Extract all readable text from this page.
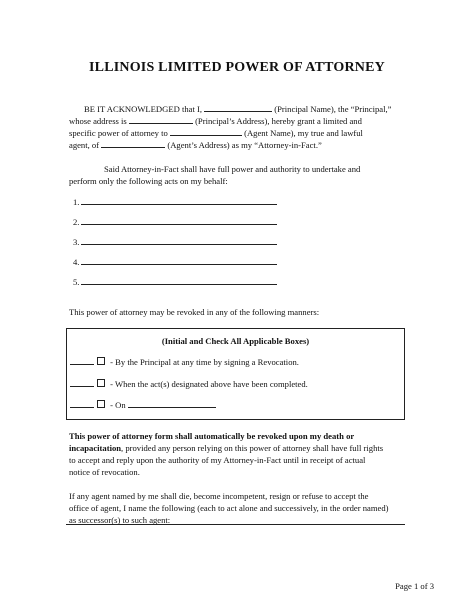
ILLINOIS LIMITED POWER OF ATTORNEY
BE IT ACKNOWLEDGED that I,	(Principal Name), the “Principal,”
whose address is	(Principal’s Address), hereby grant a limited and
specific power of attorney to	(Agent Name), my true and lawful
agent, of	(Agent’s Address) as my “Attorney-in-Fact.”
Said Attorney-in-Fact shall have full power and authority to undertake and
perform only the following acts on my behalf:
1.
2.
3.
4.
5.
This power of attorney may be revoked in any of the following manners:
(Initial and Check All Applicable Boxes)
- By the Principal at any time by signing a Revocation.
- When the act(s) designated above have been completed.
- On
This power of attorney form shall automatically be revoked upon my death or
incapacitation, provided any person relying on this power of attorney shall have full rights
to accept and reply upon the authority of my Attorney-in-Fact until in receipt of actual
notice of revocation.
If any agent named by me shall die, become incompetent, resign or refuse to accept the
office of agent, I name the following (each to act alone and successively, in the order named)
as successor(s) to such agent:
Page 1 of 3
